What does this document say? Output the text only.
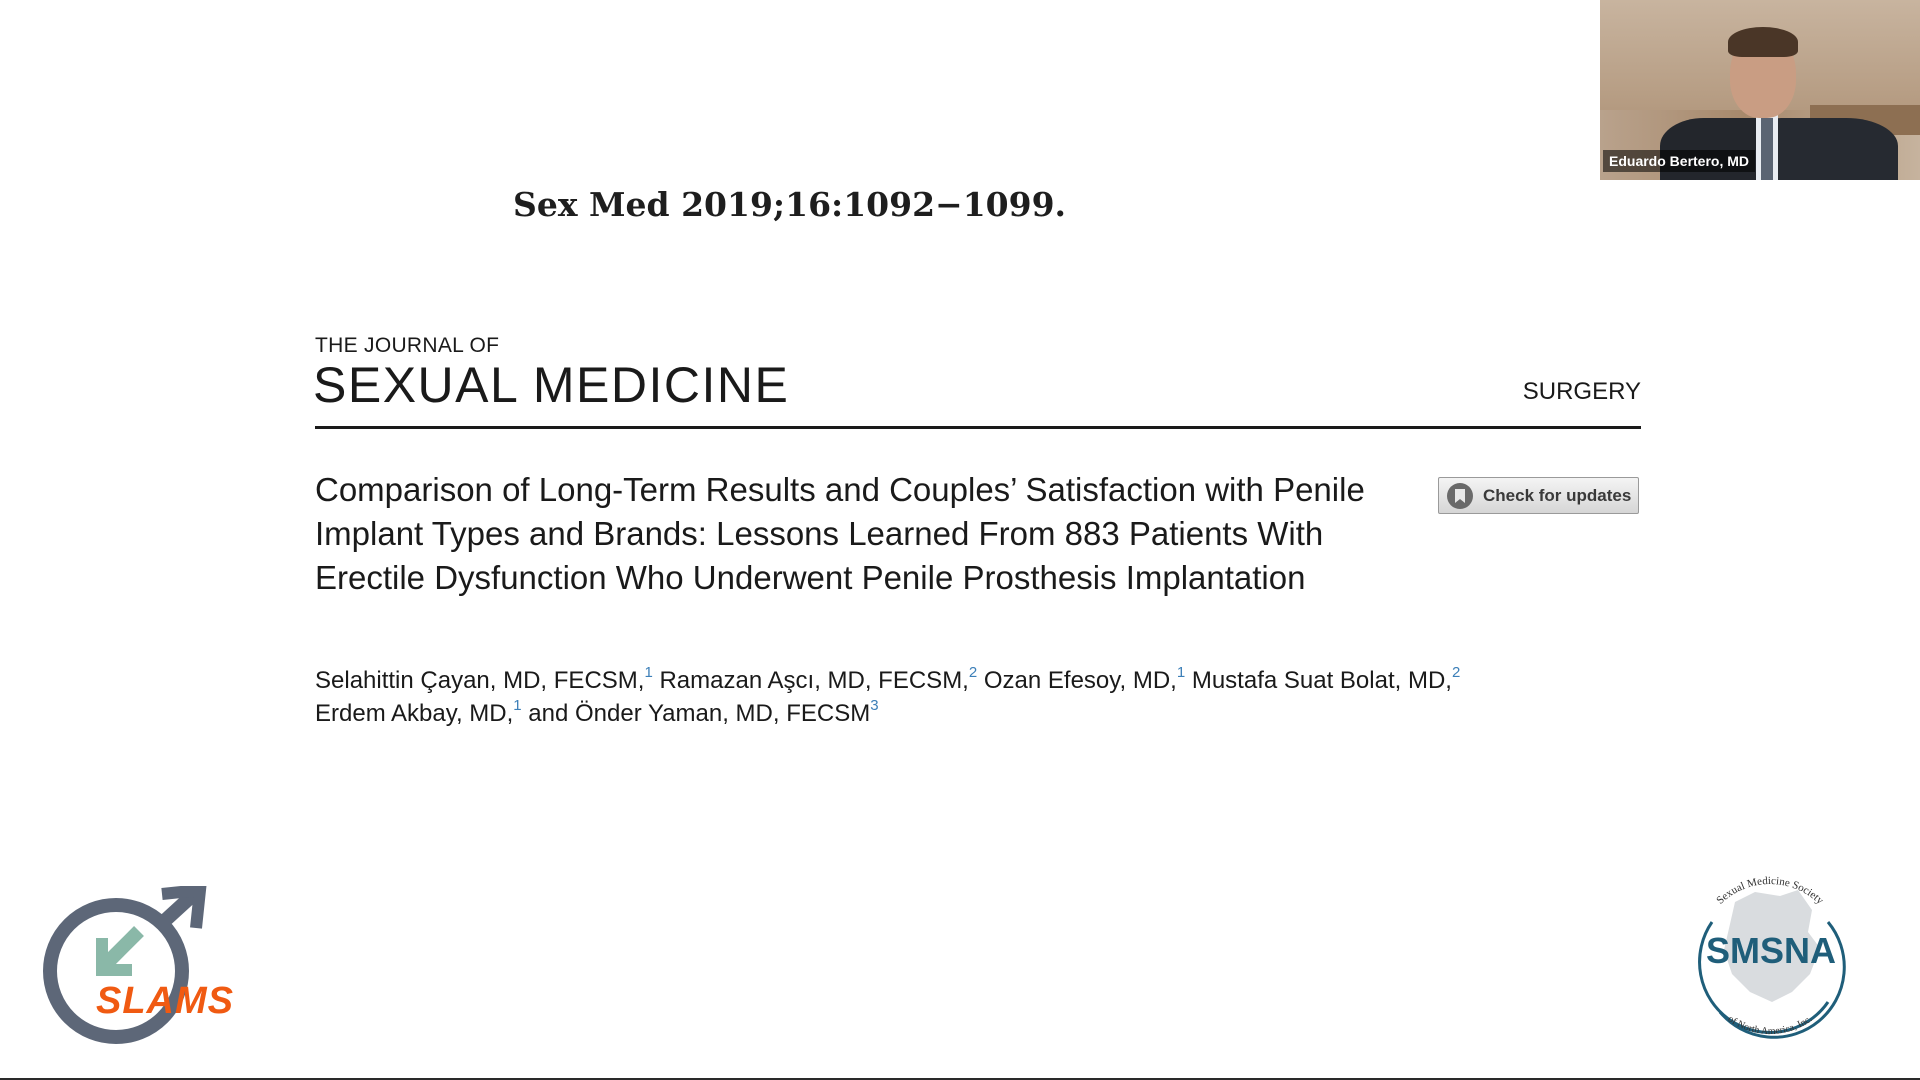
Sex Med 2019;16:1092−1099.
THE JOURNAL OF
SEXUAL MEDICINE	SURGERY
Comparison of Long-Term Results and Couples’ Satisfaction with Penile Implant Types and Brands: Lessons Learned From 883 Patients With Erectile Dysfunction Who Underwent Penile Prosthesis Implantation
Check for updates
Selahittin Çayan, MD, FECSM,$^1$ Ramazan Aşcı, MD, FECSM,$^2$ Ozan Efesoy, MD,$^1$ Mustafa Suat Bolat, MD,$^2$
Erdem Akbay, MD,$^1$ and Önder Yaman, MD, FECSM$^3$
SLAMS
Sexual Medicine Society
of North America, Inc.
SMSNA
Eduardo Bertero, MD
